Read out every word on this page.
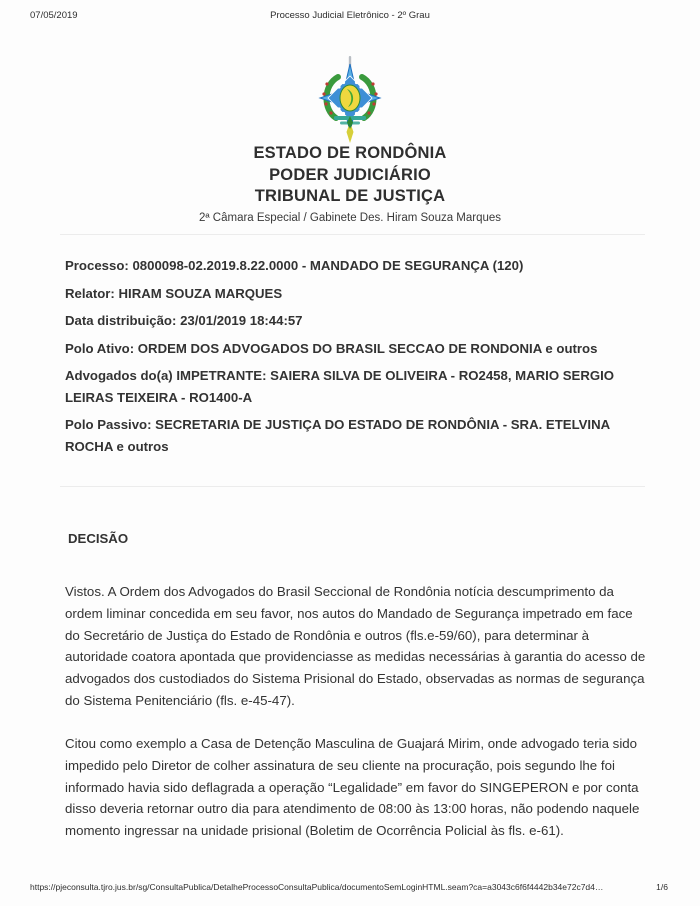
07/05/2019	Processo Judicial Eletrônico - 2º Grau
ESTADO DE RONDÔNIA
PODER JUDICIÁRIO
TRIBUNAL DE JUSTIÇA
2ª Câmara Especial / Gabinete Des. Hiram Souza Marques

Processo: 0800098-02.2019.8.22.0000 - MANDADO DE SEGURANÇA (120)

Relator: HIRAM SOUZA MARQUES

Data distribuição: 23/01/2019 18:44:57

Polo Ativo: ORDEM DOS ADVOGADOS DO BRASIL SECCAO DE RONDONIA e outros

Advogados do(a) IMPETRANTE: SAIERA SILVA DE OLIVEIRA - RO2458, MARIO SERGIO LEIRAS TEIXEIRA - RO1400-A

Polo Passivo: SECRETARIA DE JUSTIÇA DO ESTADO DE RONDÔNIA - SRA. ETELVINA ROCHA e outros

DECISÃO

Vistos. A Ordem dos Advogados do Brasil Seccional de Rondônia notícia descumprimento da ordem liminar concedida em seu favor, nos autos do Mandado de Segurança impetrado em face do Secretário de Justiça do Estado de Rondônia e outros (fls.e-59/60), para determinar à autoridade coatora apontada que providenciasse as medidas necessárias à garantia do acesso de advogados dos custodiados do Sistema Prisional do Estado, observadas as normas de segurança do Sistema Penitenciário (fls. e-45-47).

Citou como exemplo a Casa de Detenção Masculina de Guajará Mirim, onde advogado teria sido impedido pelo Diretor de colher assinatura de seu cliente na procuração, pois segundo lhe foi informado havia sido deflagrada a operação “Legalidade” em favor do SINGEPERON e por conta disso deveria retornar outro dia para atendimento de 08:00 às 13:00 horas, não podendo naquele momento ingressar na unidade prisional (Boletim de Ocorrência Policial às fls. e-61).

https://pjeconsulta.tjro.jus.br/sg/ConsultaPublica/DetalheProcessoConsultaPublica/documentoSemLoginHTML.seam?ca=a3043c6f6f4442b34e72c7d4…	1/6
